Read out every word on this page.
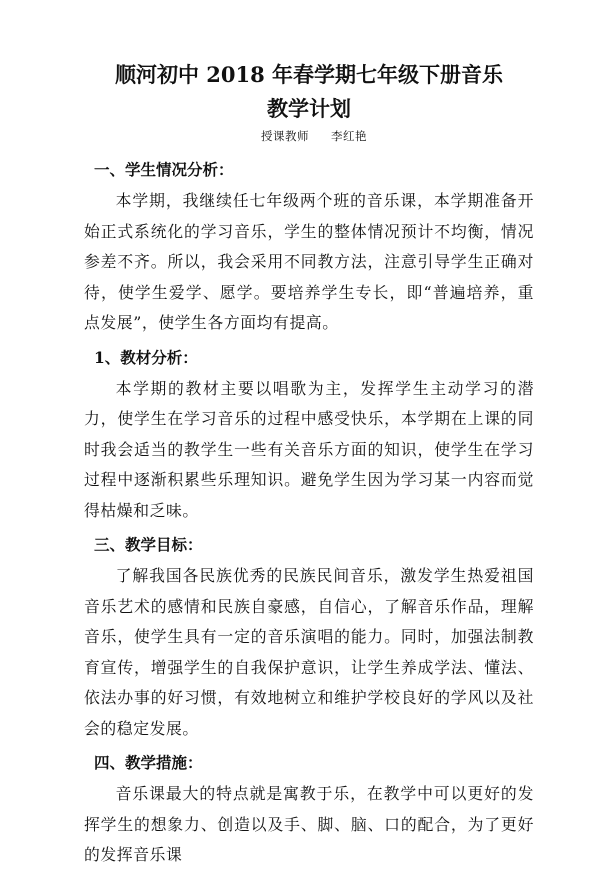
顺河初中 2018 年春学期七年级下册音乐
教学计划
授课教师 李红艳
一、学生情况分析：

本学期，我继续任七年级两个班的音乐课，本学期准备开始正式系统化的学习音乐，学生的整体情况预计不均衡，情况参差不齐。所以，我会采用不同教方法，注意引导学生正确对待，使学生爱学、愿学。要培养学生专长，即“普遍培养，重点发展”，使学生各方面均有提高。

1、教材分析：

本学期的教材主要以唱歌为主，发挥学生主动学习的潜力，使学生在学习音乐的过程中感受快乐，本学期在上课的同时我会适当的教学生一些有关音乐方面的知识，使学生在学习过程中逐渐积累些乐理知识。避免学生因为学习某一内容而觉得枯燥和乏味。

三、教学目标：

了解我国各民族优秀的民族民间音乐，激发学生热爱祖国音乐艺术的感情和民族自豪感，自信心，了解音乐作品，理解音乐，使学生具有一定的音乐演唱的能力。同时，加强法制教育宣传，增强学生的自我保护意识，让学生养成学法、懂法、依法办事的好习惯，有效地树立和维护学校良好的学风以及社会的稳定发展。

四、教学措施：

音乐课最大的特点就是寓教于乐，在教学中可以更好的发挥学生的想象力、创造以及手、脚、脑、口的配合，为了更好的发挥音乐课
